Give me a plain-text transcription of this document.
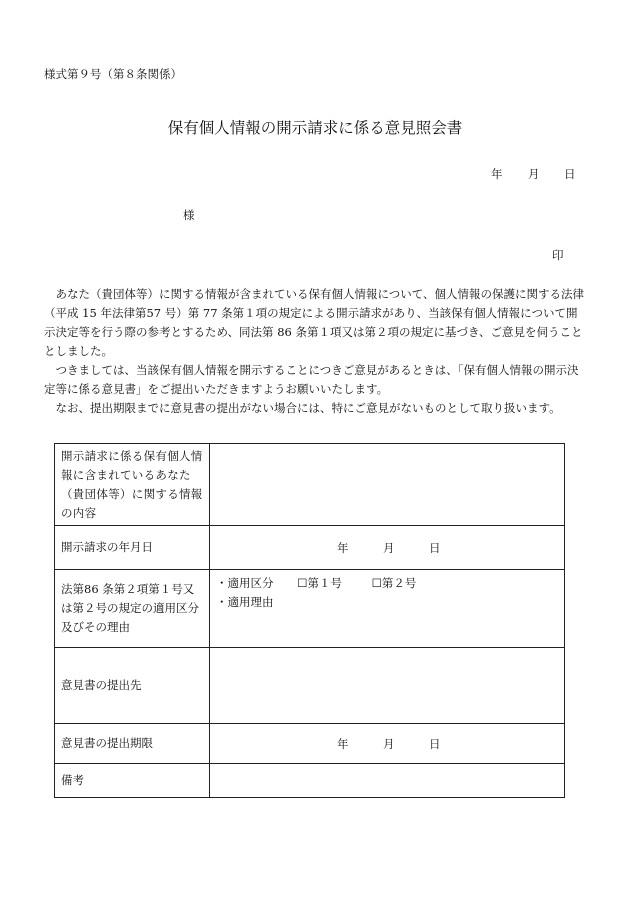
様式第９号（第８条関係）
保有個人情報の開示請求に係る意見照会書
年 月 日
様
印

あなた（貴団体等）に関する情報が含まれている保有個人情報について、個人情報の保護に関する法律（平成 15 年法律第57 号）第 77 条第１項の規定による開示請求があり、当該保有個人情報について開示決定等を行う際の参考とするため、同法第 86 条第１項又は第２項の規定に基づき、ご意見を伺うこととしました。

つきましては、当該保有個人情報を開示することにつきご意見があるときは、「保有個人情報の開示決定等に係る意見書」をご提出いただきますようお願いいたします。

なお、提出期限までに意見書の提出がない場合には、特にご意見がないものとして取り扱います。

開示請求に係る保有個人情報に含まれているあなた（貴団体等）に関する情報の内容	
開示請求の年月日	年 月 日

法第86 条第２項第１号又は第２号の規定の適用区分及びその理由	・適用区分 ☐第１号 ☐第２号
・適用理由

意見書の提出先	
意見書の提出期限	年 月 日

備考	
